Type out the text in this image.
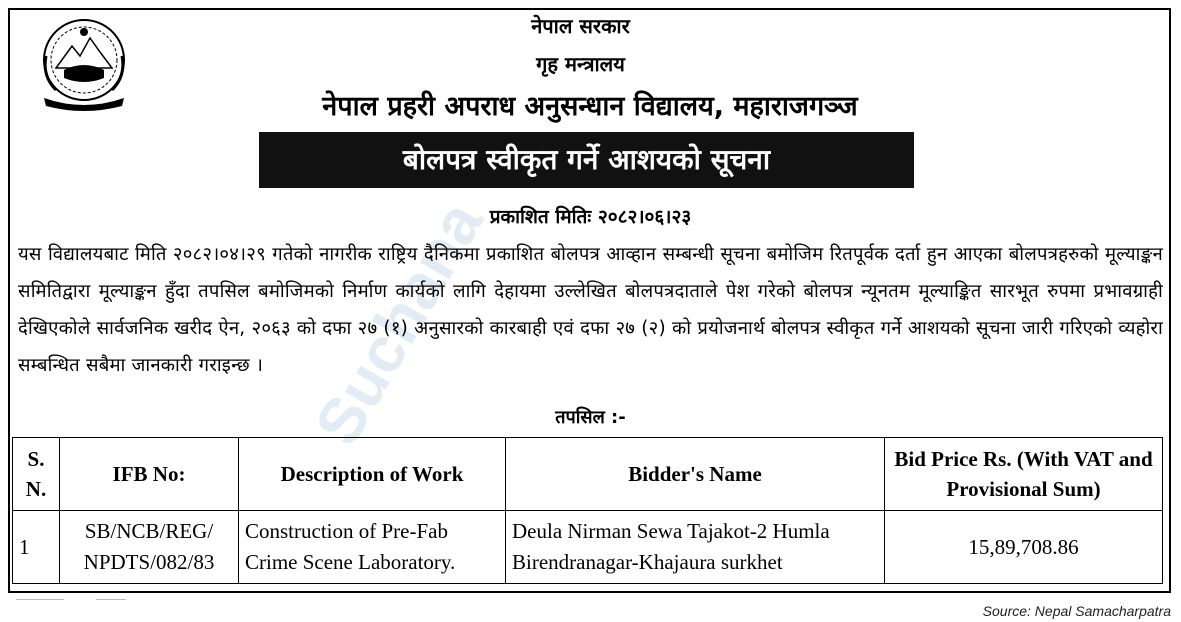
Suchana
नेपाल सरकार
गृह मन्त्रालय
नेपाल प्रहरी अपराध अनुसन्धान विद्यालय, महाराजगञ्ज
बोलपत्र स्वीकृत गर्ने आशयको सूचना
प्रकाशित मितिः २०८२।०६।२३
यस विद्यालयबाट मिति २०८२।०४।२९ गतेको नागरीक राष्ट्रिय दैनिकमा प्रकाशित बोलपत्र आव्हान सम्बन्धी सूचना बमोजिम रितपूर्वक दर्ता हुन आएका बोलपत्रहरुको मूल्याङ्कन समितिद्वारा मूल्याङ्कन हुँदा तपसिल बमोजिमको निर्माण कार्यको लागि देहायमा उल्लेखित बोलपत्रदाताले पेश गरेको बोलपत्र न्यूनतम मूल्याङ्कित सारभूत रुपमा प्रभावग्राही देखिएकोले सार्वजनिक खरीद ऐन, २०६३ को दफा २७ (१) अनुसारको कारबाही एवं दफा २७ (२) को प्रयोजनार्थ बोलपत्र स्वीकृत गर्ने आशयको सूचना जारी गरिएको व्यहोरा सम्बन्धित सबैमा जानकारी गराइन्छ ।
तपसिल :-
S. N.	IFB No:	Description of Work	Bidder's Name	Bid Price Rs. (With VAT and Provisional Sum)
1	SB/NCB/REG/ NPDTS/082/83	Construction of Pre-Fab Crime Scene Laboratory.	Deula Nirman Sewa Tajakot-2 Humla Birendranagar-Khajaura surkhet	15,89,708.86
Source: Nepal Samacharpatra
